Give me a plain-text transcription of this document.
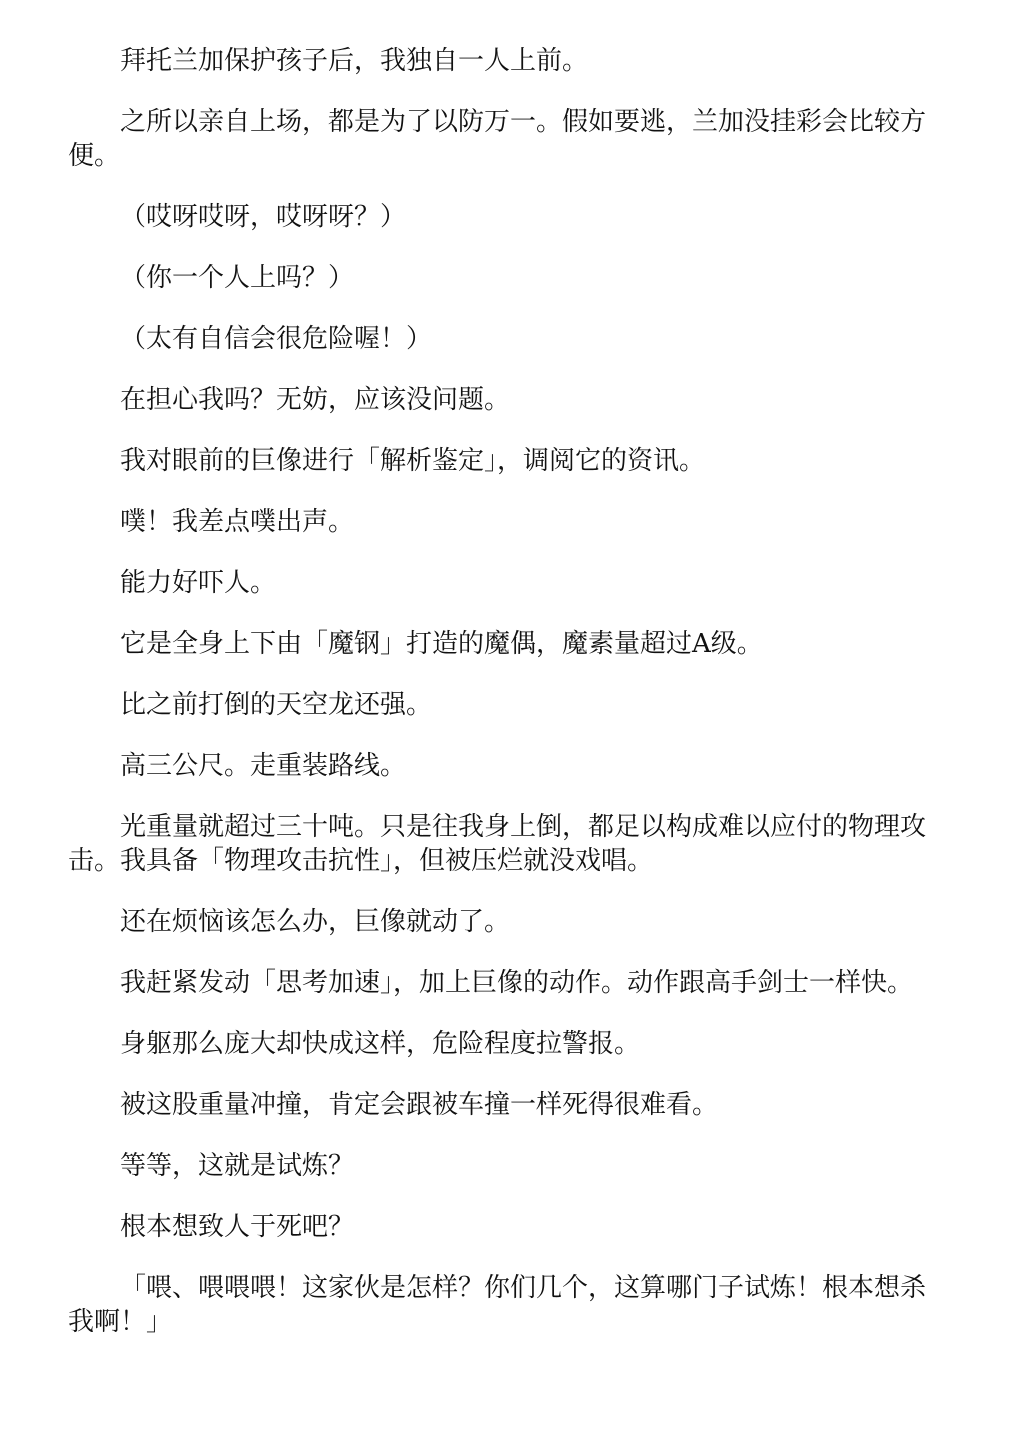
拜托兰加保护孩子后，我独自一人上前。

之所以亲自上场，都是为了以防万一。假如要逃，兰加没挂彩会比较方便。

（哎呀哎呀，哎呀呀？）

（你一个人上吗？）

（太有自信会很危险喔！）

在担心我吗？无妨，应该没问题。

我对眼前的巨像进行「解析鉴定」，调阅它的资讯。

噗！我差点噗出声。

能力好吓人。

它是全身上下由「魔钢」打造的魔偶，魔素量超过A级。

比之前打倒的天空龙还强。

高三公尺。走重装路线。

光重量就超过三十吨。只是往我身上倒，都足以构成难以应付的物理攻击。我具备「物理攻击抗性」，但被压烂就没戏唱。

还在烦恼该怎么办，巨像就动了。

我赶紧发动「思考加速」，加上巨像的动作。动作跟高手剑士一样快。

身躯那么庞大却快成这样，危险程度拉警报。

被这股重量冲撞，肯定会跟被车撞一样死得很难看。

等等，这就是试炼？

根本想致人于死吧？

「喂、喂喂喂！这家伙是怎样？你们几个，这算哪门子试炼！根本想杀我啊！」
